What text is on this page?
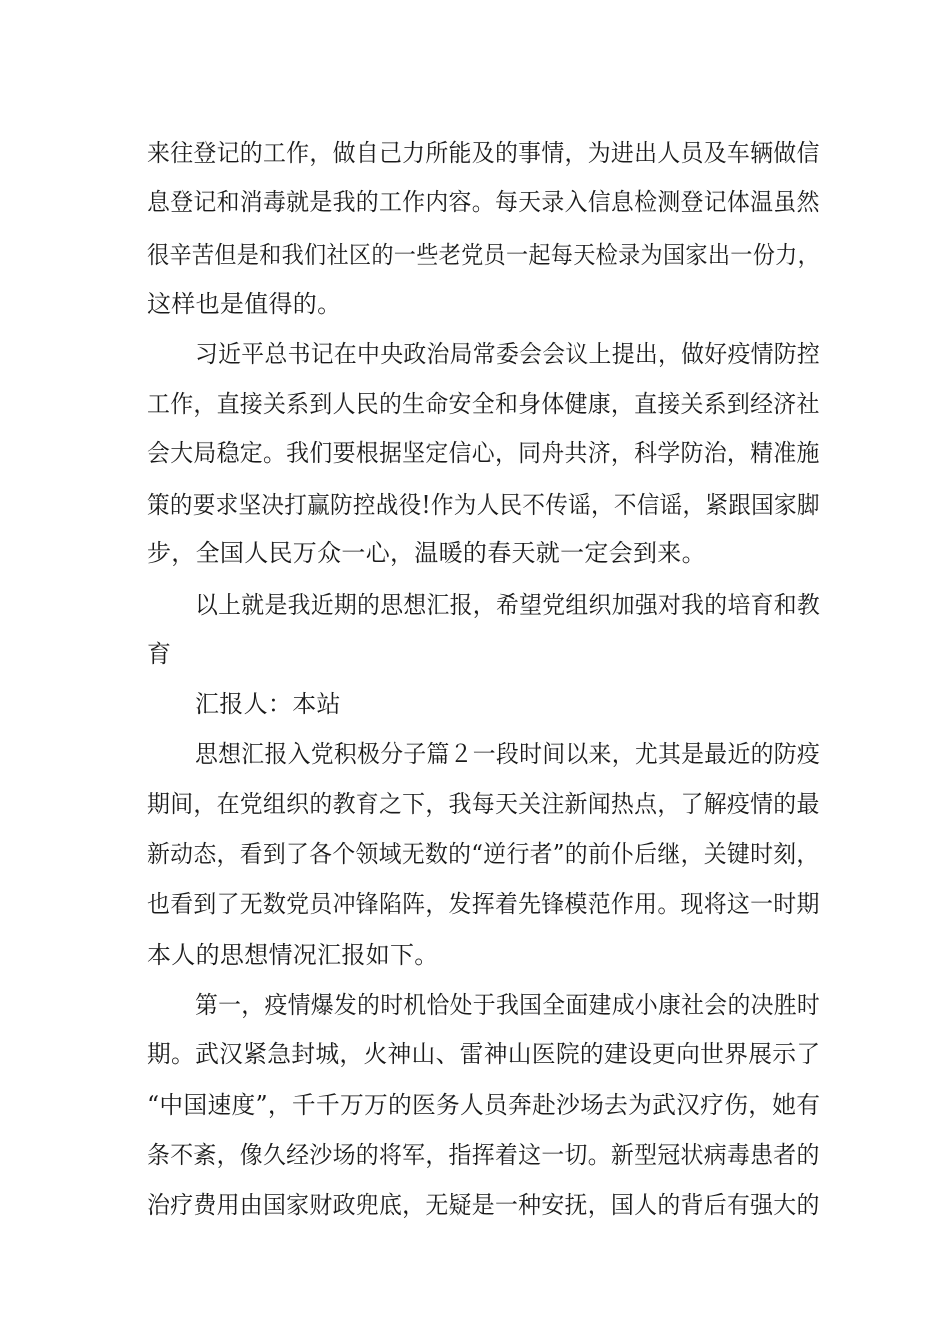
来往登记的工作，做自己力所能及的事情，为进出人员及车辆做信

息登记和消毒就是我的工作内容。每天录入信息检测登记体温虽然

很辛苦但是和我们社区的一些老党员一起每天检录为国家出一份力，

这样也是值得的。

习近平总书记在中央政治局常委会会议上提出，做好疫情防控

工作，直接关系到人民的生命安全和身体健康，直接关系到经济社

会大局稳定。我们要根据坚定信心，同舟共济，科学防治，精准施

策的要求坚决打赢防控战役!作为人民不传谣，不信谣，紧跟国家脚

步，全国人民万众一心，温暖的春天就一定会到来。

以上就是我近期的思想汇报，希望党组织加强对我的培育和教

育

汇报人：本站

思想汇报入党积极分子篇２一段时间以来，尤其是最近的防疫

期间，在党组织的教育之下，我每天关注新闻热点，了解疫情的最

新动态，看到了各个领域无数的“逆行者”的前仆后继，关键时刻，

也看到了无数党员冲锋陷阵，发挥着先锋模范作用。现将这一时期

本人的思想情况汇报如下。

第一，疫情爆发的时机恰处于我国全面建成小康社会的决胜时

期。武汉紧急封城，火神山、雷神山医院的建设更向世界展示了

“中国速度”，千千万万的医务人员奔赴沙场去为武汉疗伤，她有

条不紊，像久经沙场的将军，指挥着这一切。新型冠状病毒患者的

治疗费用由国家财政兜底，无疑是一种安抚，国人的背后有强大的
